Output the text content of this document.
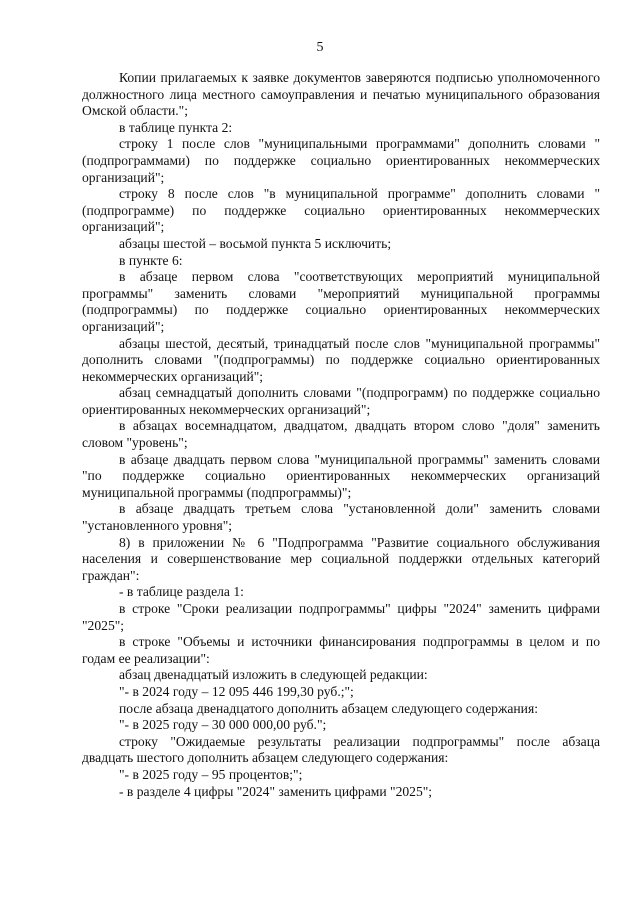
5

Копии прилагаемых к заявке документов заверяются подписью уполномоченного должностного лица местного самоуправления и печатью муниципального образования Омской области.";

в таблице пункта 2:

строку 1 после слов "муниципальными программами" дополнить словами "(подпрограммами) по поддержке социально ориентированных некоммерческих организаций";

строку 8 после слов "в муниципальной программе" дополнить словами "(подпрограмме) по поддержке социально ориентированных некоммерческих организаций";

абзацы шестой – восьмой пункта 5 исключить;

в пункте 6:

в абзаце первом слова "соответствующих мероприятий муниципальной программы" заменить словами "мероприятий муниципальной программы (подпрограммы) по поддержке социально ориентированных некоммерческих организаций";

абзацы шестой, десятый, тринадцатый после слов "муниципальной программы" дополнить словами "(подпрограммы) по поддержке социально ориентированных некоммерческих организаций";

абзац семнадцатый дополнить словами "(подпрограмм) по поддержке социально ориентированных некоммерческих организаций";

в абзацах восемнадцатом, двадцатом, двадцать втором слово "доля" заменить словом "уровень";

в абзаце двадцать первом слова "муниципальной программы" заменить словами "по поддержке социально ориентированных некоммерческих организаций муниципальной программы (подпрограммы)";

в абзаце двадцать третьем слова "установленной доли" заменить словами "установленного уровня";

8) в приложении № 6 "Подпрограмма "Развитие социального обслуживания населения и совершенствование мер социальной поддержки отдельных категорий граждан":

- в таблице раздела 1:

в строке "Сроки реализации подпрограммы" цифры "2024" заменить цифрами "2025";

в строке "Объемы и источники финансирования подпрограммы в целом и по годам ее реализации":

абзац двенадцатый изложить в следующей редакции:

"- в 2024 году – 12 095 446 199,30 руб.;";

после абзаца двенадцатого дополнить абзацем следующего содержания:

"- в 2025 году – 30 000 000,00 руб.";

строку "Ожидаемые результаты реализации подпрограммы" после абзаца двадцать шестого дополнить абзацем следующего содержания:

"- в 2025 году – 95 процентов;";

- в разделе 4 цифры "2024" заменить цифрами "2025";
